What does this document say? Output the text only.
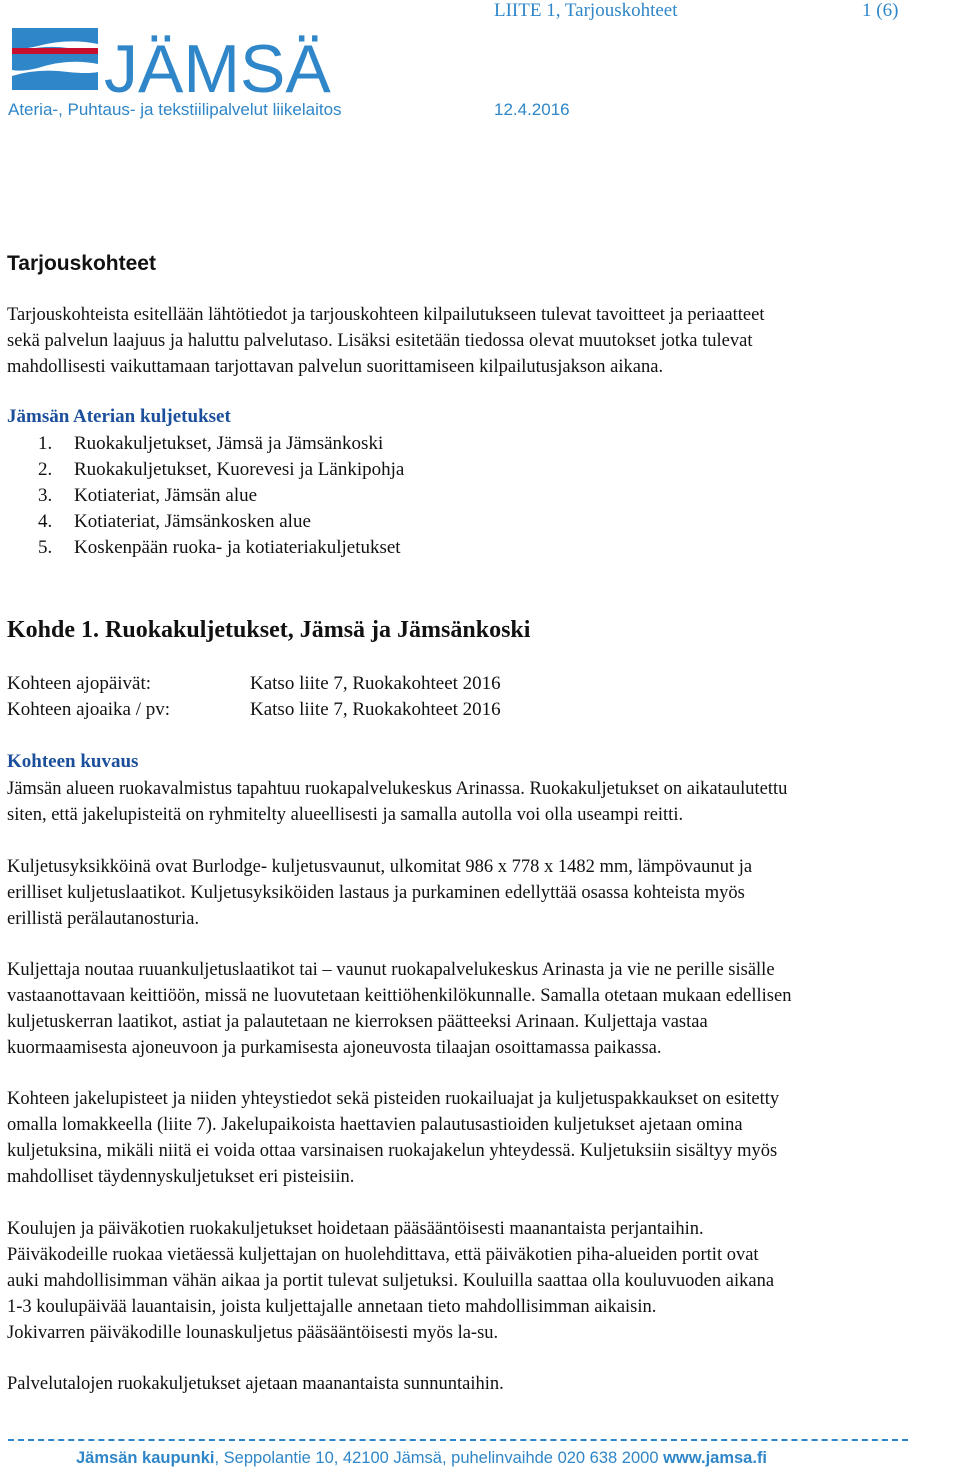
LIITE 1, Tarjouskohteet	1 (6)
JÄMSÄ
Ateria-, Puhtaus- ja tekstiilipalvelut liikelaitos	12.4.2016
Tarjouskohteet
Tarjouskohteista esitellään lähtötiedot ja tarjouskohteen kilpailutukseen tulevat tavoitteet ja periaatteet
sekä palvelun laajuus ja haluttu palvelutaso. Lisäksi esitetään tiedossa olevat muutokset jotka tulevat
mahdollisesti vaikuttamaan tarjottavan palvelun suorittamiseen kilpailutusjakson aikana.
Jämsän Aterian kuljetukset
1. Ruokakuljetukset, Jämsä ja Jämsänkoski
2. Ruokakuljetukset, Kuorevesi ja Länkipohja
3. Kotiateriat, Jämsän alue
4. Kotiateriat, Jämsänkosken alue
5. Koskenpään ruoka- ja kotiateriakuljetukset
Kohde 1. Ruokakuljetukset, Jämsä ja Jämsänkoski
Kohteen ajopäivät:	Katso liite 7, Ruokakohteet 2016
Kohteen ajoaika / pv:	Katso liite 7, Ruokakohteet 2016
Kohteen kuvaus
Jämsän alueen ruokavalmistus tapahtuu ruokapalvelukeskus Arinassa. Ruokakuljetukset on aikataulutettu
siten, että jakelupisteitä on ryhmitelty alueellisesti ja samalla autolla voi olla useampi reitti.
Kuljetusyksikköinä ovat Burlodge- kuljetusvaunut, ulkomitat 986 x 778 x 1482 mm, lämpövaunut ja
erilliset kuljetuslaatikot. Kuljetusyksiköiden lastaus ja purkaminen edellyttää osassa kohteista myös
erillistä perälautanosturia.
Kuljettaja noutaa ruuankuljetuslaatikot tai – vaunut ruokapalvelukeskus Arinasta ja vie ne perille sisälle
vastaanottavaan keittiöön, missä ne luovutetaan keittiöhenkilökunnalle. Samalla otetaan mukaan edellisen
kuljetuskerran laatikot, astiat ja palautetaan ne kierroksen päätteeksi Arinaan. Kuljettaja vastaa
kuormaamisesta ajoneuvoon ja purkamisesta ajoneuvosta tilaajan osoittamassa paikassa.
Kohteen jakelupisteet ja niiden yhteystiedot sekä pisteiden ruokailuajat ja kuljetuspakkaukset on esitetty
omalla lomakkeella (liite 7). Jakelupaikoista haettavien palautusastioiden kuljetukset ajetaan omina
kuljetuksina, mikäli niitä ei voida ottaa varsinaisen ruokajakelun yhteydessä. Kuljetuksiin sisältyy myös
mahdolliset täydennyskuljetukset eri pisteisiin.
Koulujen ja päiväkotien ruokakuljetukset hoidetaan pääsääntöisesti maanantaista perjantaihin.
Päiväkodeille ruokaa vietäessä kuljettajan on huolehdittava, että päiväkotien piha-alueiden portit ovat
auki mahdollisimman vähän aikaa ja portit tulevat suljetuksi. Kouluilla saattaa olla kouluvuoden aikana
1-3 koulupäivää lauantaisin, joista kuljettajalle annetaan tieto mahdollisimman aikaisin.
Jokivarren päiväkodille lounaskuljetus pääsääntöisesti myös la-su.
Palvelutalojen ruokakuljetukset ajetaan maanantaista sunnuntaihin.
Jämsän kaupunki, Seppolantie 10, 42100 Jämsä, puhelinvaihde 020 638 2000 www.jamsa.fi
